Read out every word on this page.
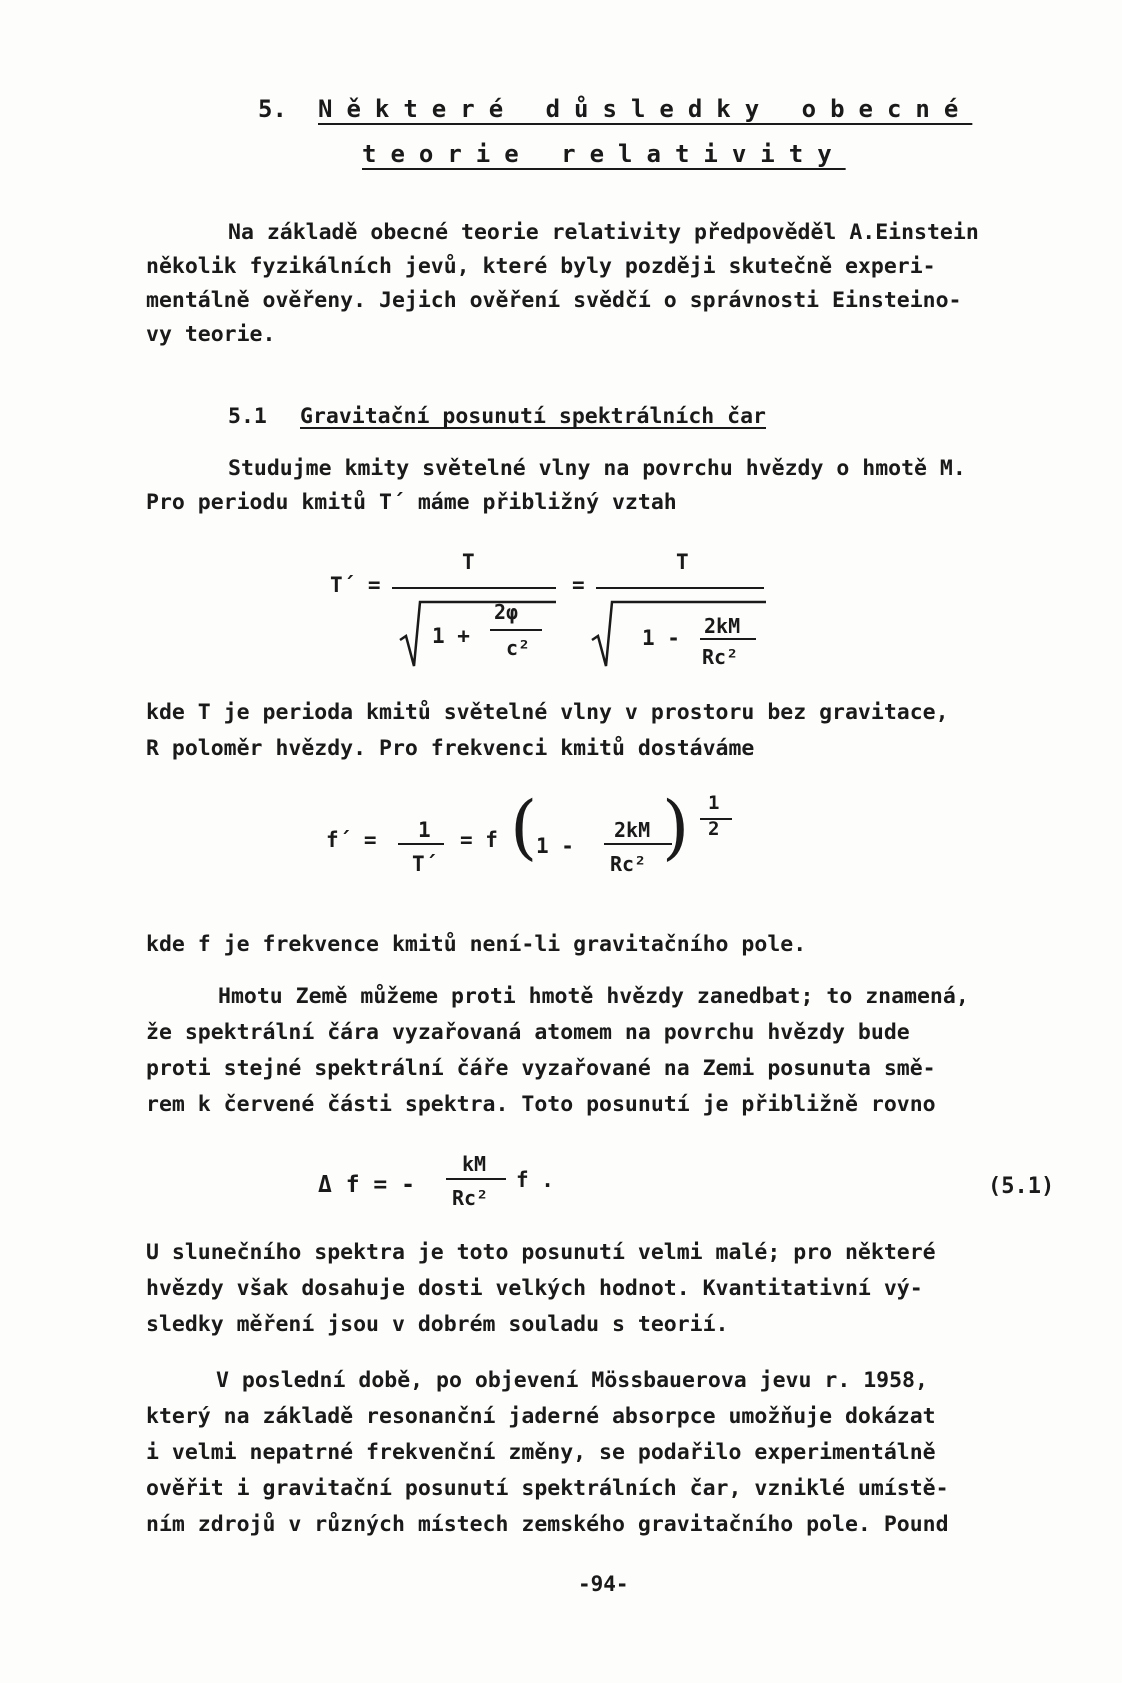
5. Některé důsledky obecné
teorie relativity
Na základě obecné teorie relativity předpověděl A.Einstein
několik fyzikálních jevů, které byly později skutečně experi-
mentálně ověřeny. Jejich ověření svědčí o správnosti Einsteino-
vy teorie.
5.1 Gravitační posunutí spektrálních čar
Studujme kmity světelné vlny na povrchu hvězdy o hmotě M.
Pro periodu kmitů T´ máme přibližný vztah
T´ =
T
1 +
2φ
c²
=
T
1 - 2kM
Rc²
kde T je perioda kmitů světelné vlny v prostoru bez gravitace,
R poloměr hvězdy. Pro frekvenci kmitů dostáváme
f´ = 1
T´
= f (
1 -
2kM
Rc² ) 1
2
kde f je frekvence kmitů není-li gravitačního pole.
Hmotu Země můžeme proti hmotě hvězdy zanedbat; to znamená,
že spektrální čára vyzařovaná atomem na povrchu hvězdy bude
proti stejné spektrální čáře vyzařované na Zemi posunuta smě-
rem k červené části spektra. Toto posunutí je přibližně rovno
Δ f = -
kM
Rc²
f .	(5.1)
U slunečního spektra je toto posunutí velmi malé; pro některé
hvězdy však dosahuje dosti velkých hodnot. Kvantitativní vý-
sledky měření jsou v dobrém souladu s teorií.
V poslední době, po objevení Mössbauerova jevu r. 1958,
který na základě resonanční jaderné absorpce umožňuje dokázat
i velmi nepatrné frekvenční změny, se podařilo experimentálně
ověřit i gravitační posunutí spektrálních čar, vzniklé umístě-
ním zdrojů v různých místech zemského gravitačního pole. Pound
-94-
